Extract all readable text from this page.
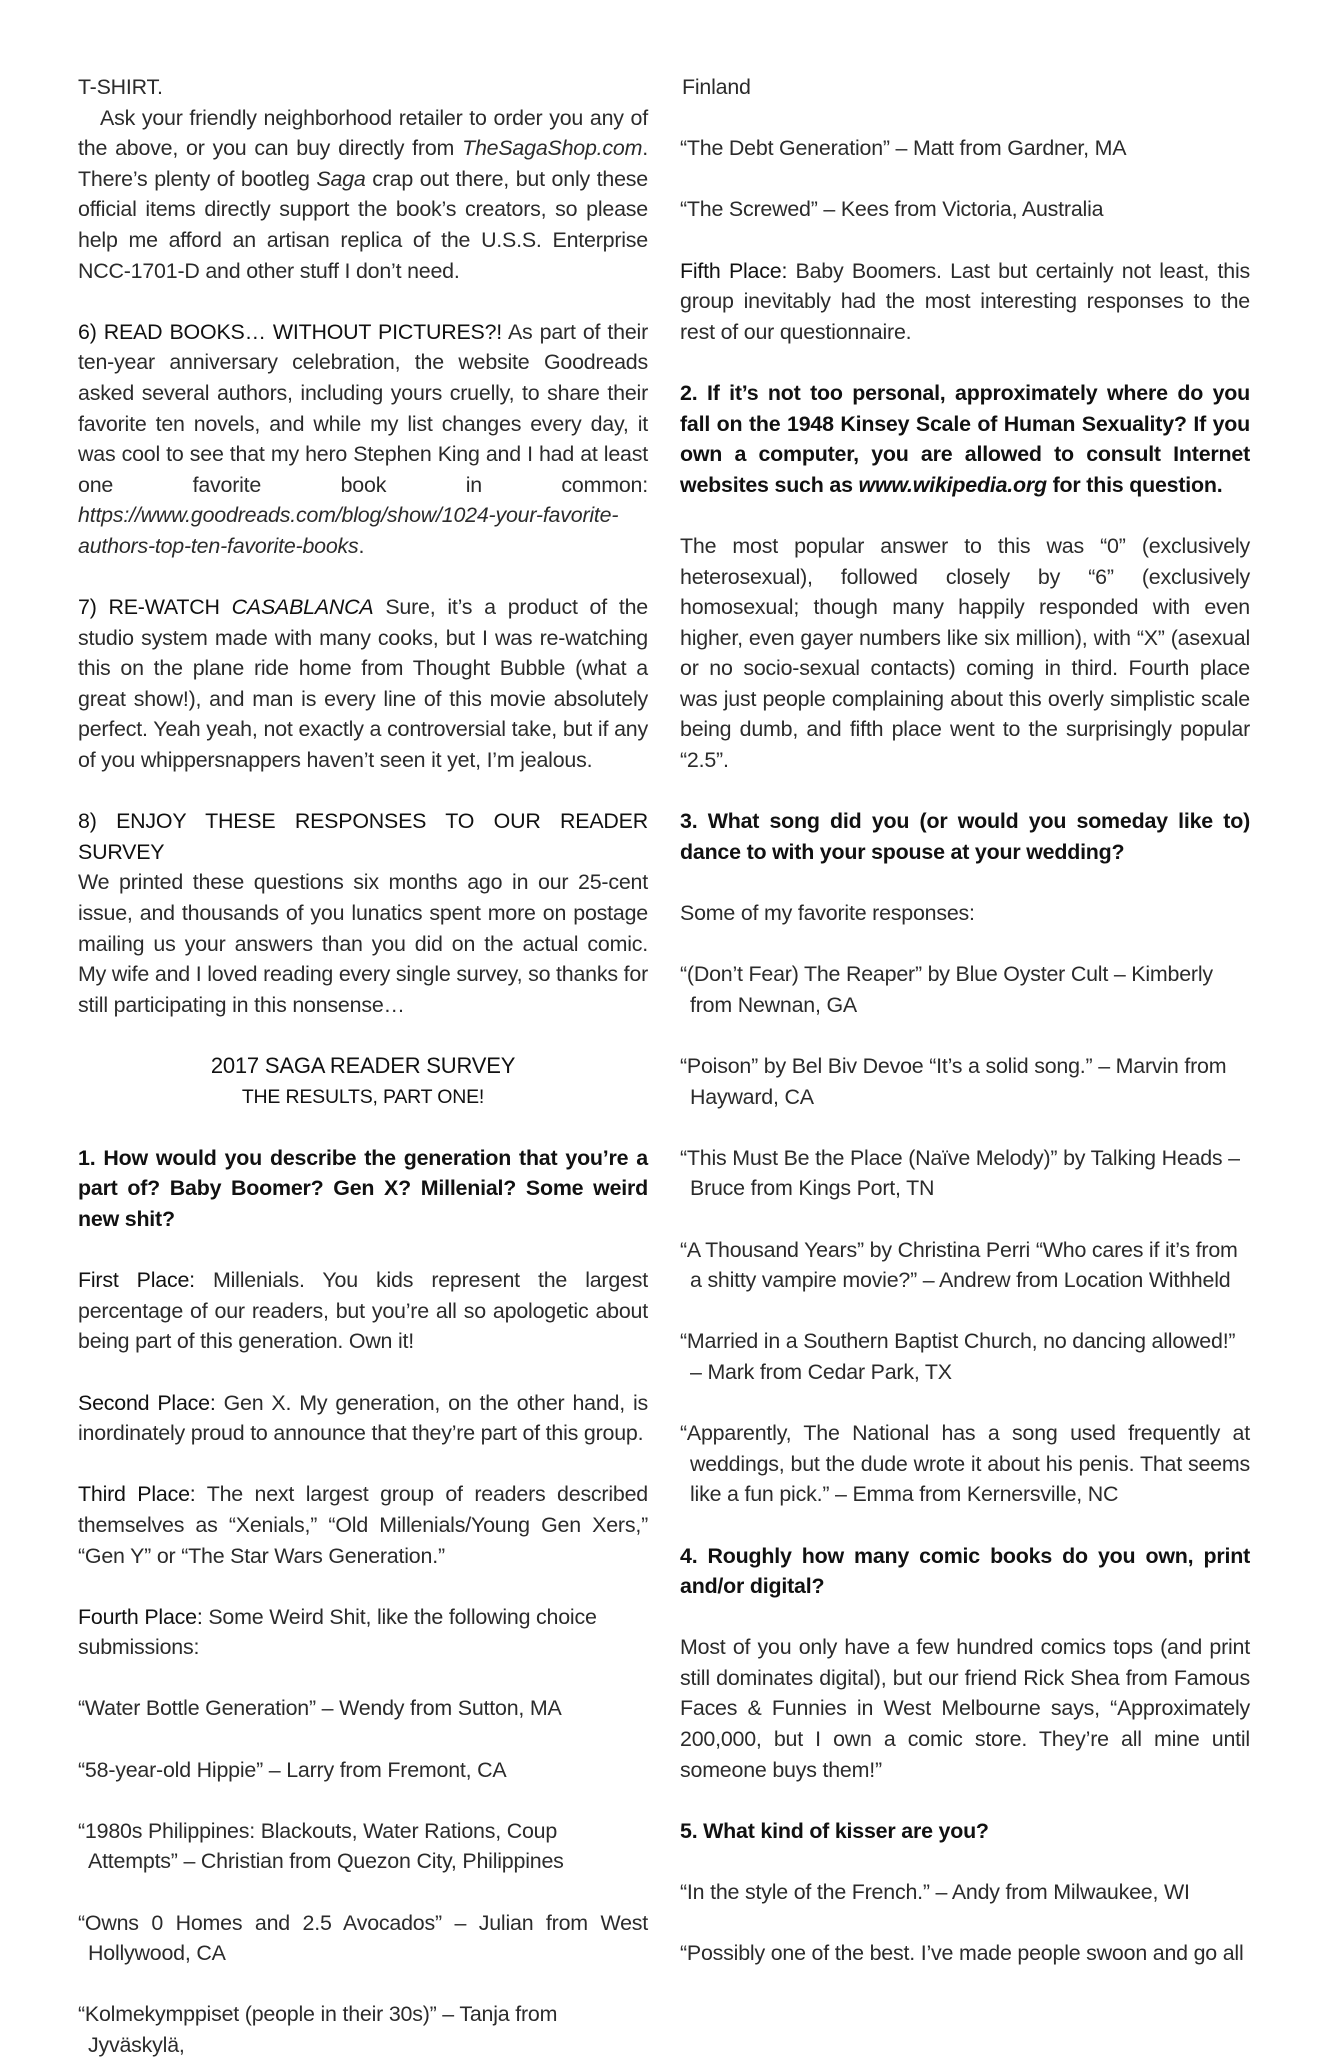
T-SHIRT.

Ask your friendly neighborhood retailer to order you any of the above, or you can buy directly from TheSagaShop.com. There’s plenty of bootleg Saga crap out there, but only these official items directly support the book’s creators, so please help me afford an artisan replica of the U.S.S. Enterprise NCC-1701-D and other stuff I don’t need.

6) READ BOOKS… WITHOUT PICTURES?! As part of their ten-year anniversary celebration, the website Goodreads asked several authors, including yours cruelly, to share their favorite ten novels, and while my list changes every day, it was cool to see that my hero Stephen King and I had at least one favorite book in common: https://www.goodreads.com/blog/show/1024-your-favorite-authors-top-ten-favorite-books.

7) RE-WATCH CASABLANCA Sure, it’s a product of the studio system made with many cooks, but I was re-watching this on the plane ride home from Thought Bubble (what a great show!), and man is every line of this movie absolutely perfect. Yeah yeah, not exactly a controversial take, but if any of you whippersnappers haven’t seen it yet, I’m jealous.

8) ENJOY THESE RESPONSES TO OUR READER SURVEY

We printed these questions six months ago in our 25-cent issue, and thousands of you lunatics spent more on postage mailing us your answers than you did on the actual comic. My wife and I loved reading every single survey, so thanks for still participating in this nonsense…

2017 SAGA READER SURVEY

THE RESULTS, PART ONE!

1. How would you describe the generation that you’re a part of? Baby Boomer? Gen X? Millenial? Some weird new shit?

First Place: Millenials. You kids represent the largest percentage of our readers, but you’re all so apologetic about being part of this generation. Own it!

Second Place: Gen X. My generation, on the other hand, is inordinately proud to announce that they’re part of this group.

Third Place: The next largest group of readers described themselves as “Xenials,” “Old Millenials/Young Gen Xers,” “Gen Y” or “The Star Wars Generation.”

Fourth Place: Some Weird Shit, like the following choice submissions:

“Water Bottle Generation” – Wendy from Sutton, MA

“58-year-old Hippie” – Larry from Fremont, CA

“1980s Philippines: Blackouts, Water Rations, Coup Attempts” – Christian from Quezon City, Philippines

“Owns 0 Homes and 2.5 Avocados” – Julian from West Hollywood, CA

“Kolmekymppiset (people in their 30s)” – Tanja from Jyväskylä,

Finland

“The Debt Generation” – Matt from Gardner, MA

“The Screwed” – Kees from Victoria, Australia

Fifth Place: Baby Boomers. Last but certainly not least, this group inevitably had the most interesting responses to the rest of our questionnaire.

2. If it’s not too personal, approximately where do you fall on the 1948 Kinsey Scale of Human Sexuality? If you own a computer, you are allowed to consult Internet websites such as www.wikipedia.org for this question.

The most popular answer to this was “0” (exclusively heterosexual), followed closely by “6” (exclusively homosexual; though many happily responded with even higher, even gayer numbers like six million), with “X” (asexual or no socio-sexual contacts) coming in third. Fourth place was just people complaining about this overly simplistic scale being dumb, and fifth place went to the surprisingly popular “2.5”.

3. What song did you (or would you someday like to) dance to with your spouse at your wedding?

Some of my favorite responses:

“(Don’t Fear) The Reaper” by Blue Oyster Cult – Kimberly from Newnan, GA

“Poison” by Bel Biv Devoe “It’s a solid song.” – Marvin from Hayward, CA

“This Must Be the Place (Naïve Melody)” by Talking Heads – Bruce from Kings Port, TN

“A Thousand Years” by Christina Perri “Who cares if it’s from a shitty vampire movie?” – Andrew from Location Withheld

“Married in a Southern Baptist Church, no dancing allowed!” – Mark from Cedar Park, TX

“Apparently, The National has a song used frequently at weddings, but the dude wrote it about his penis. That seems like a fun pick.” – Emma from Kernersville, NC

4. Roughly how many comic books do you own, print and/or digital?

Most of you only have a few hundred comics tops (and print still dominates digital), but our friend Rick Shea from Famous Faces & Funnies in West Melbourne says, “Approximately 200,000, but I own a comic store. They’re all mine until someone buys them!”

5. What kind of kisser are you?

“In the style of the French.” – Andy from Milwaukee, WI

“Possibly one of the best. I’ve made people swoon and go all
